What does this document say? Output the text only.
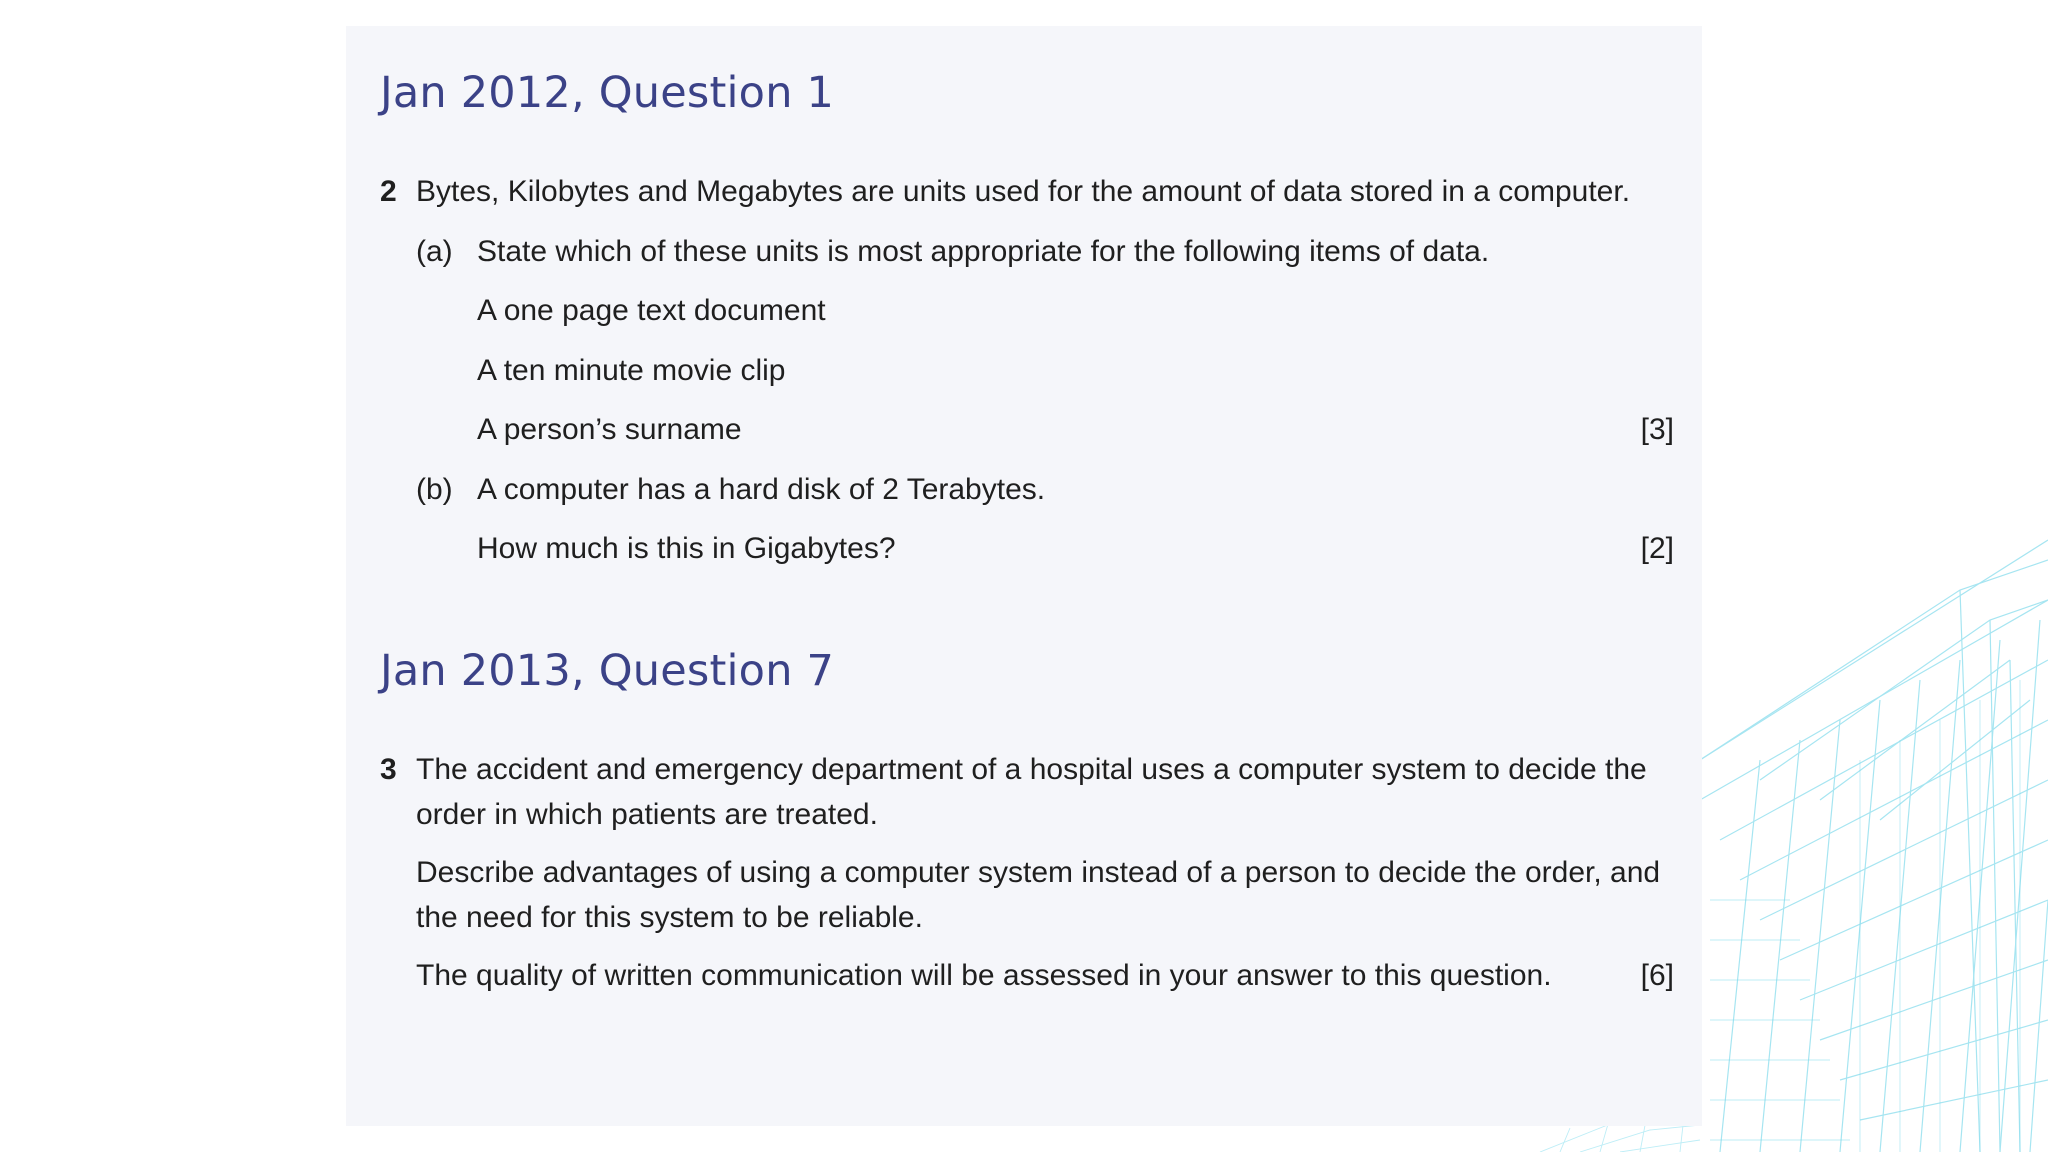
Jan 2012, Question 1
2 Bytes, Kilobytes and Megabytes are units used for the amount of data stored in a computer.
(a) State which of these units is most appropriate for the following items of data.
A one page text document
A ten minute movie clip
A person’s surname	[3]
(b) A computer has a hard disk of 2 Terabytes.
How much is this in Gigabytes?	[2]
Jan 2013, Question 7
3 The accident and emergency department of a hospital uses a computer system to decide the
order in which patients are treated.
Describe advantages of using a computer system instead of a person to decide the order, and
the need for this system to be reliable.
The quality of written communication will be assessed in your answer to this question.	[6]
